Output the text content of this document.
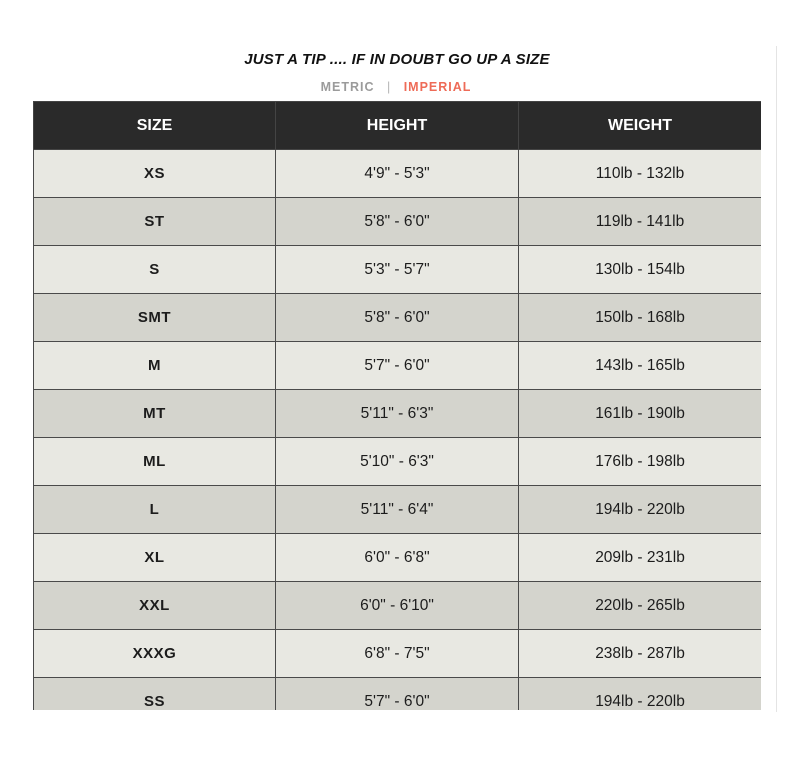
JUST A TIP .... IF IN DOUBT GO UP A SIZE
METRIC | IMPERIAL
SIZE	HEIGHT	WEIGHT
XS	4'9" - 5'3"	110lb - 132lb
ST	5'8" - 6'0"	119lb - 141lb
S	5'3" - 5'7"	130lb - 154lb
SMT	5'8" - 6'0"	150lb - 168lb
M	5'7" - 6'0"	143lb - 165lb
MT	5'11" - 6'3"	161lb - 190lb
ML	5'10" - 6'3"	176lb - 198lb
L	5'11" - 6'4"	194lb - 220lb
XL	6'0" - 6'8"	209lb - 231lb
XXL	6'0" - 6'10"	220lb - 265lb
XXXG	6'8" - 7'5"	238lb - 287lb
SS	5'7" - 6'0"	194lb - 220lb
